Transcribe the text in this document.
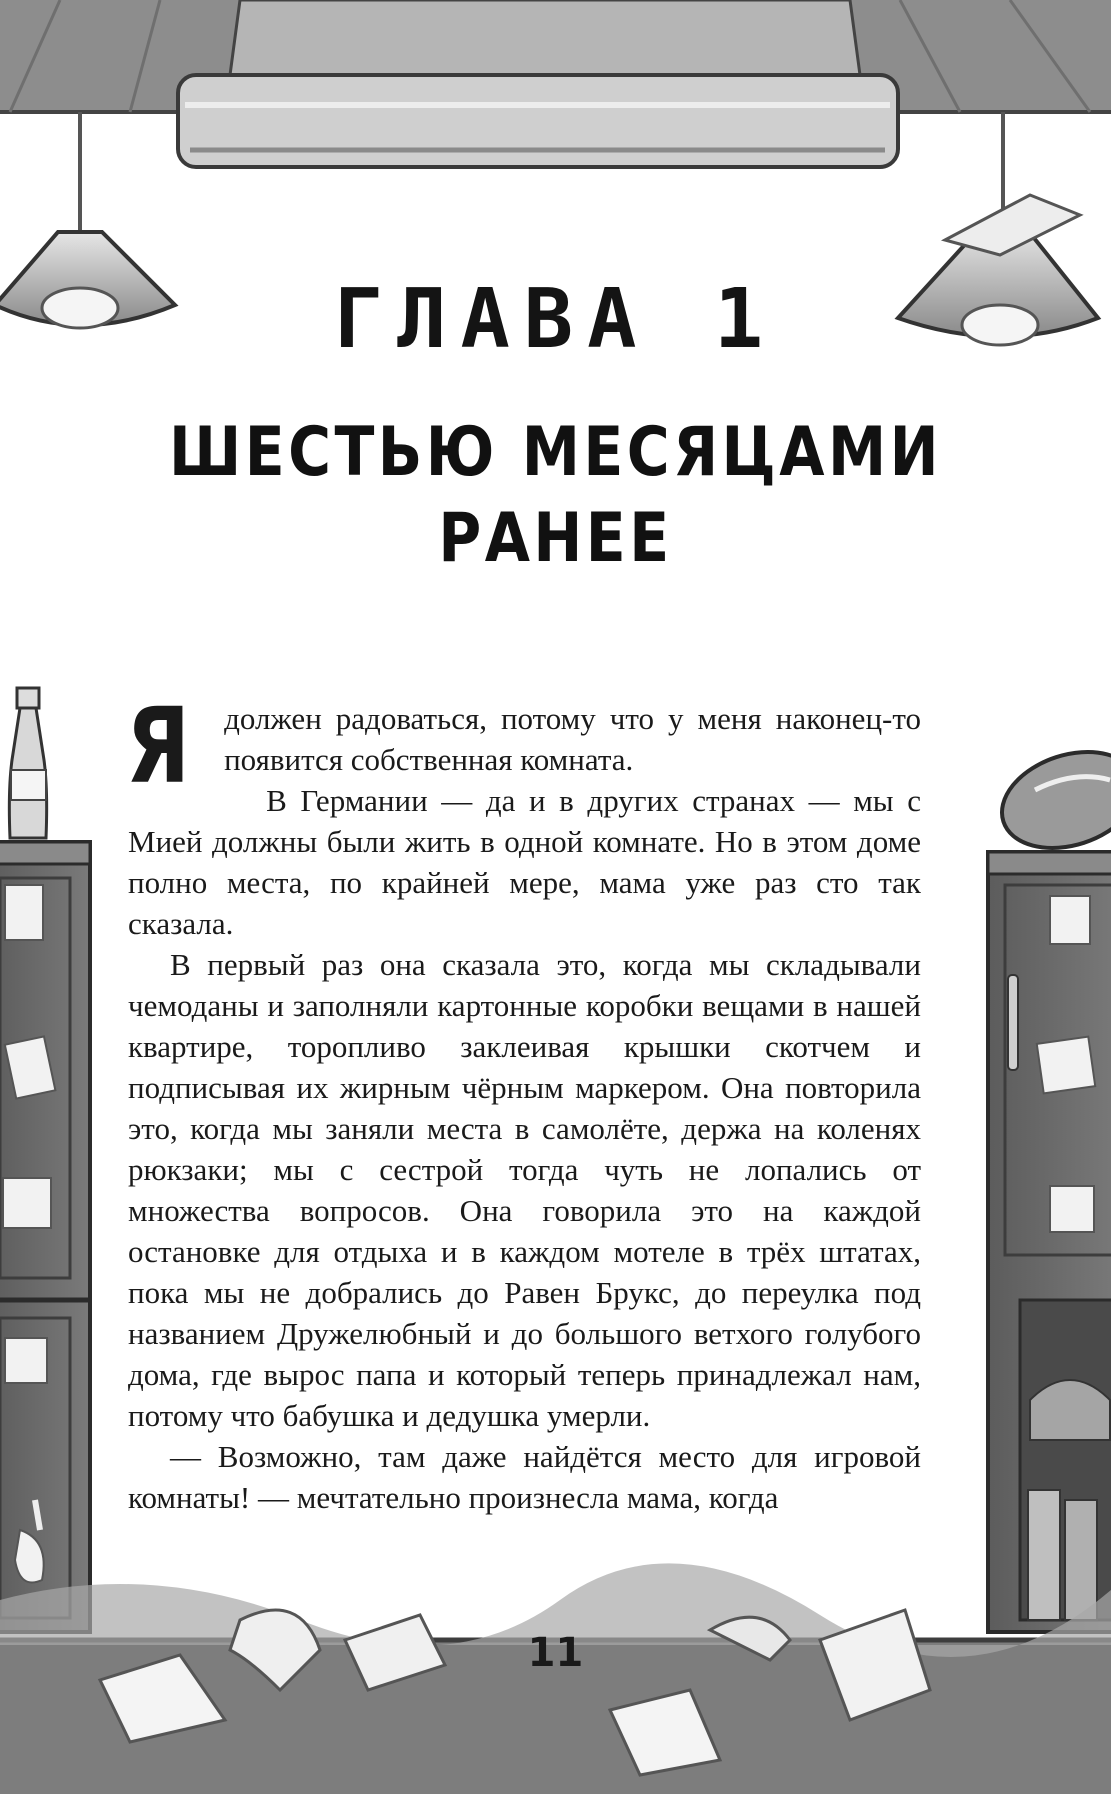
ГЛАВА 1
ШЕСТЬЮ МЕСЯЦАМИ
РАНЕЕ

Я должен радоваться, потому что у меня наконец-то появится собственная комната.

В Германии — да и в других странах — мы с Мией должны были жить в одной комнате. Но в этом доме полно места, по крайней мере, мама уже раз сто так сказала.

В первый раз она сказала это, когда мы складывали чемоданы и заполняли картонные коробки вещами в нашей квартире, торопливо заклеивая крышки скотчем и подписывая их жирным чёрным маркером. Она повторила это, когда мы заняли места в самолёте, держа на коленях рюкзаки; мы с сестрой тогда чуть не лопались от множества вопросов. Она говорила это на каждой остановке для отдыха и в каждом мотеле в трёх штатах, пока мы не добрались до Равен Брукс, до переулка под названием Дружелюбный и до большого ветхого голубого дома, где вырос папа и который теперь принадлежал нам, потому что бабушка и дедушка умерли.

— Возможно, там даже найдётся место для игровой комнаты! — мечтательно произнесла мама, когда

11
